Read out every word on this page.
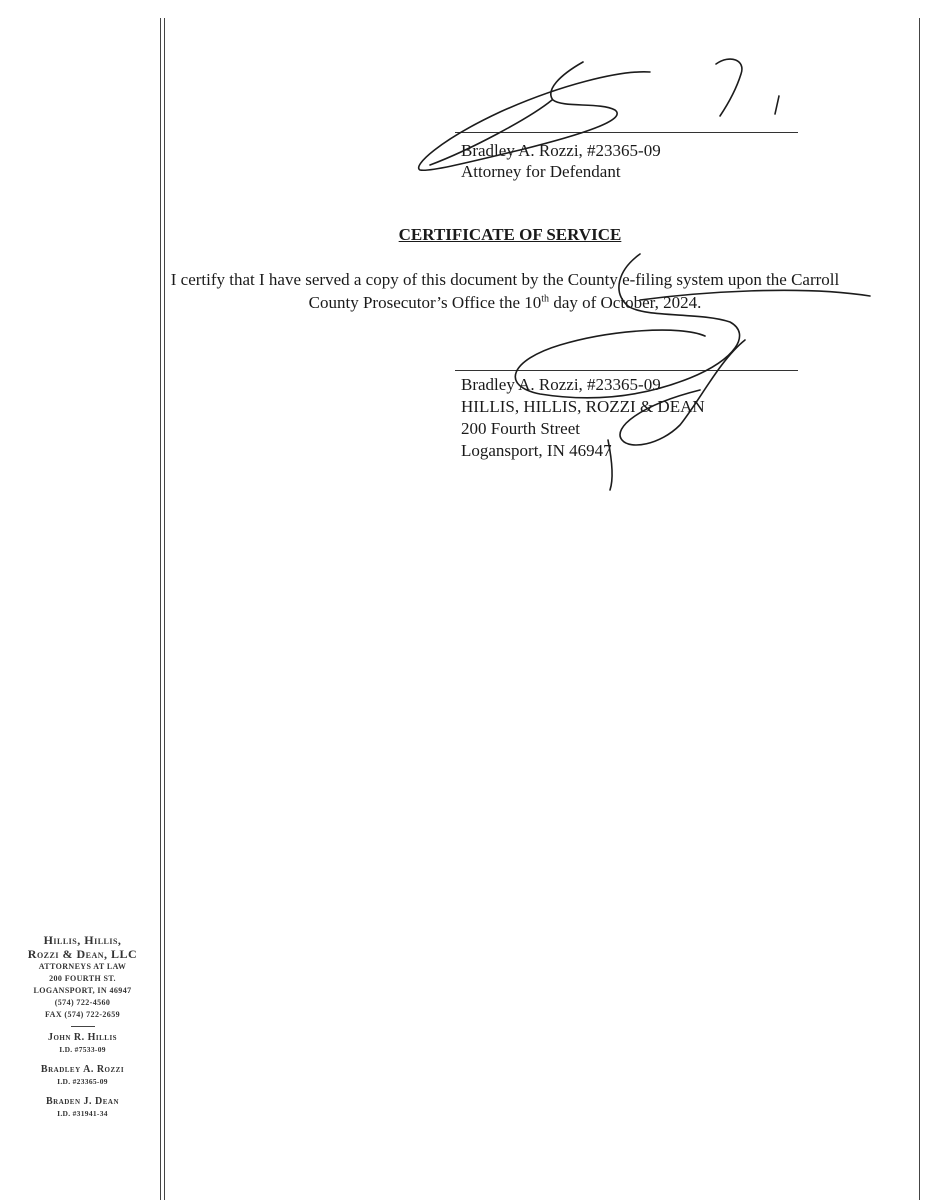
Bradley A. Rozzi, #23365-09
Attorney for Defendant
CERTIFICATE OF SERVICE
I certify that I have served a copy of this document by the County e-filing system upon the Carroll County Prosecutor’s Office the 10th day of October, 2024.
Bradley A. Rozzi, #23365-09
HILLIS, HILLIS, ROZZI & DEAN
200 Fourth Street
Logansport, IN 46947
Hillis, Hillis,
Rozzi & Dean, LLC
ATTORNEYS AT LAW
200 FOURTH ST.
LOGANSPORT, IN 46947
(574) 722-4560
FAX (574) 722-2659
John R. Hillis
I.D. #7533-09
Bradley A. Rozzi
I.D. #23365-09
Braden J. Dean
I.D. #31941-34
